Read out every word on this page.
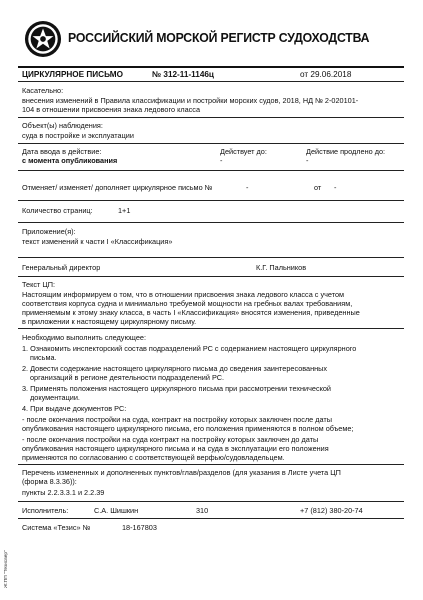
РОССИЙСКИЙ МОРСКОЙ РЕГИСТР СУДОХОДСТВА
ЦИРКУЛЯРНОЕ ПИСЬМО	№ 312-11-1146ц	от 29.06.2018
Касательно:
внесения изменений в Правила классификации и постройки морских судов, 2018, НД № 2-020101-
104 в отношении присвоения знака ледового класса
Объект(ы) наблюдения:
суда в постройке и эксплуатации
Дата ввода в действие:
с момента опубликования
Действует до:
-
Действие продлено до:
-
Отменяет/ изменяет/ дополняет циркулярное письмо №	-	от -
Количество страниц:	1+1
Приложение(я):
текст изменений к части I «Классификация»
Генеральный директор	К.Г. Пальников
Текст ЦП:
Настоящим информируем о том, что в отношении присвоения знака ледового класса с учетом
соответствия корпуса судна и минимально требуемой мощности на гребных валах требованиям,
применяемым к этому знаку класса, в часть I «Классификация» вносятся изменения, приведенные
в приложении к настоящему циркулярному письму.
Необходимо выполнить следующее:
1. Ознакомить инспекторский состав подразделений РС с содержанием настоящего циркулярного
письма.
2. Довести содержание настоящего циркулярного письма до сведения заинтересованных
организаций в регионе деятельности подразделений РС.
3. Применять положения настоящего циркулярного письма при рассмотрении технической
документации.
4. При выдаче документов РС:
- после окончания постройки на суда, контракт на постройку которых заключен после даты
опубликования настоящего циркулярного письма, его положения применяются в полном объеме;
- после окончания постройки на суда контракт на постройку которых заключен до даты
опубликования настоящего циркулярного письма и на суда в эксплуатации его положения
применяются по согласованию с соответствующей верфью/судовладельцем.
Перечень измененных и дополненных пунктов/глав/разделов (для указания в Листе учета ЦП
(форма 8.3.36)):
пункты 2.2.3.3.1 и 2.2.39
Исполнитель:	С.А. Шишкин	310	+7 (812) 380-20-74
Система «Тезис» №	18-167803
Ж:ПП "Тезисвер"
